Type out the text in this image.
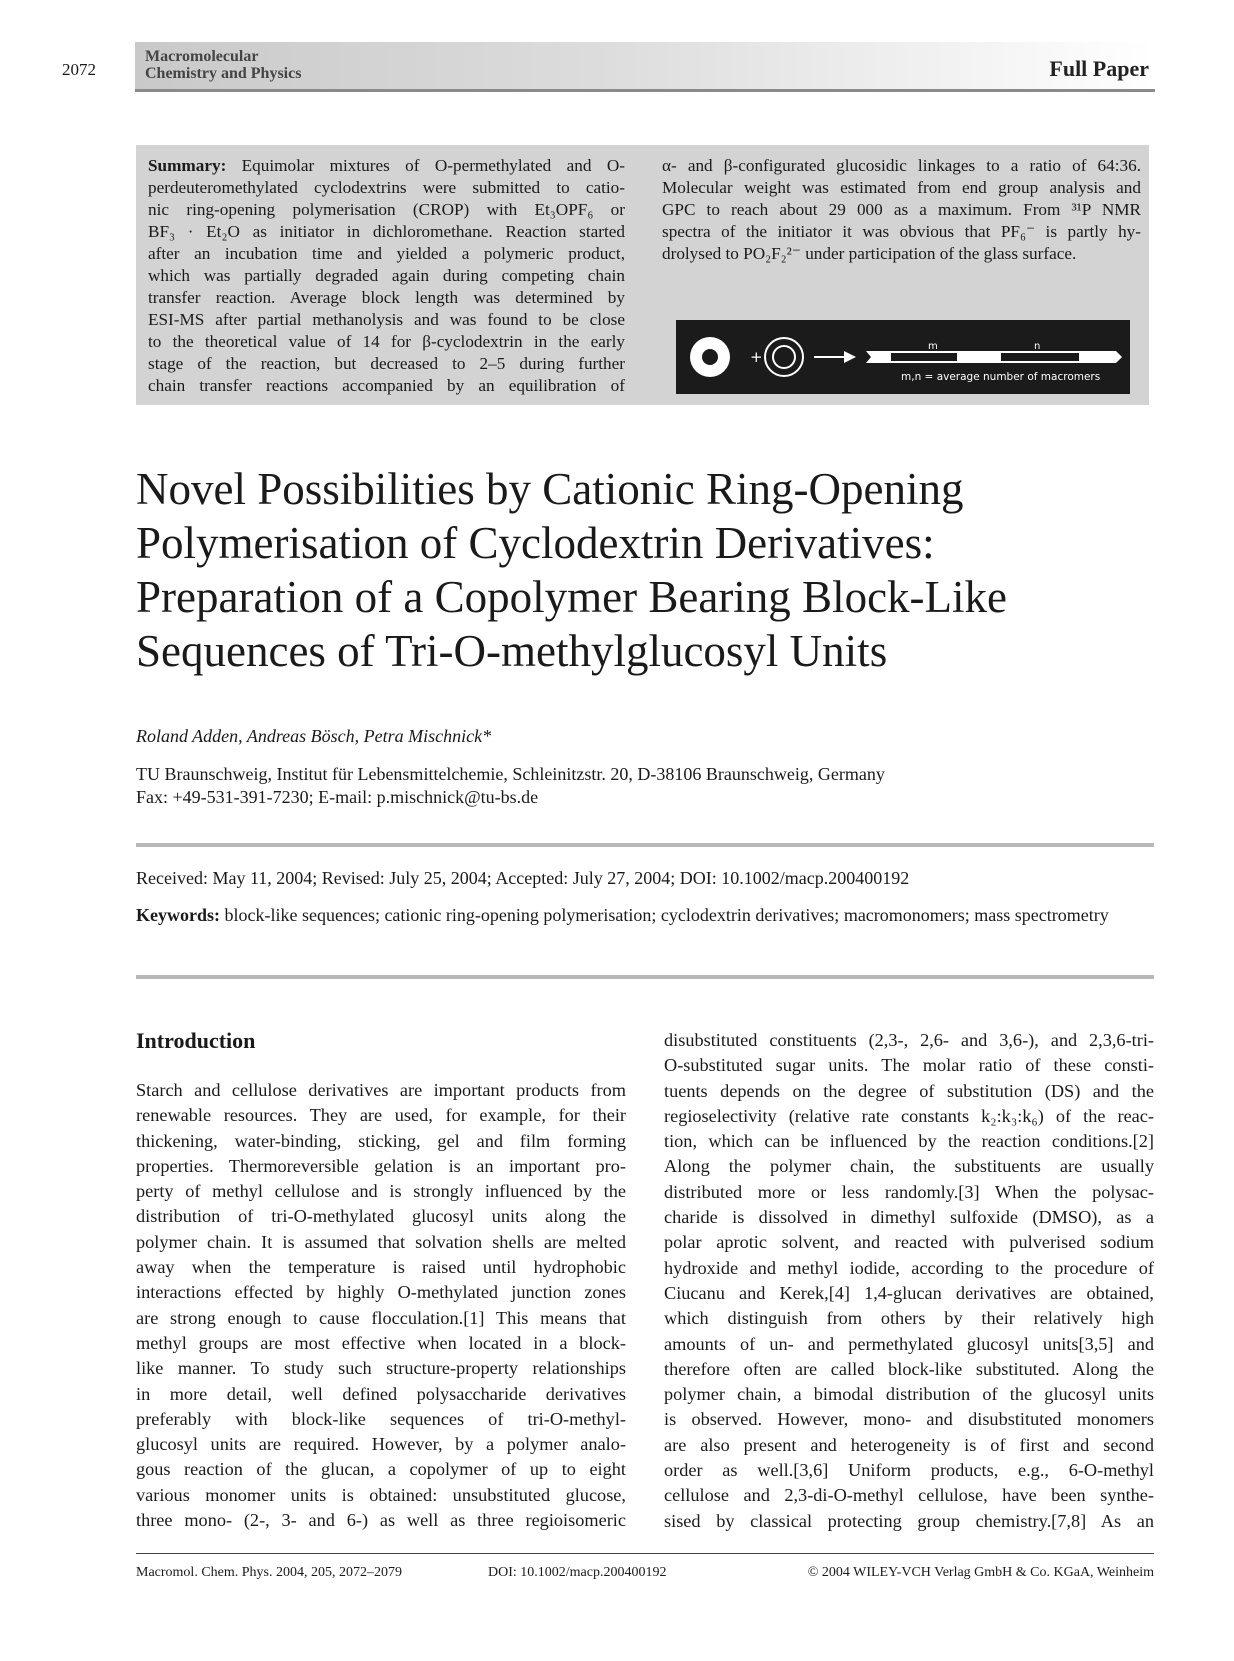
2072
Macromolecular
Chemistry and Physics	Full Paper
Summary: Equimolar mixtures of O-permethylated and O-
perdeuteromethylated cyclodextrins were submitted to catio-
nic ring-opening polymerisation (CROP) with Et₃OPF₆ or
BF₃ · Et₂O as initiator in dichloromethane. Reaction started
after an incubation time and yielded a polymeric product,
which was partially degraded again during competing chain
transfer reaction. Average block length was determined by
ESI-MS after partial methanolysis and was found to be close
to the theoretical value of 14 for β-cyclodextrin in the early
stage of the reaction, but decreased to 2–5 during further
chain transfer reactions accompanied by an equilibration of
α- and β-configurated glucosidic linkages to a ratio of 64:36.
Molecular weight was estimated from end group analysis and
GPC to reach about 29 000 as a maximum. From ³¹P NMR
spectra of the initiator it was obvious that PF₆⁻ is partly hy-
drolysed to PO₂F₂²⁻ under participation of the glass surface.
+
m	n
m,n = average number of macromers
Novel Possibilities by Cationic Ring-Opening
Polymerisation of Cyclodextrin Derivatives:
Preparation of a Copolymer Bearing Block-Like
Sequences of Tri-O-methylglucosyl Units
Roland Adden, Andreas Bösch, Petra Mischnick*
TU Braunschweig, Institut für Lebensmittelchemie, Schleinitzstr. 20, D-38106 Braunschweig, Germany
Fax: +49-531-391-7230; E-mail: p.mischnick@tu-bs.de
Received: May 11, 2004; Revised: July 25, 2004; Accepted: July 27, 2004; DOI: 10.1002/macp.200400192
Keywords: block-like sequences; cationic ring-opening polymerisation; cyclodextrin derivatives; macromonomers; mass spectrometry
Introduction
Starch and cellulose derivatives are important products from
renewable resources. They are used, for example, for their
thickening, water-binding, sticking, gel and film forming
properties. Thermoreversible gelation is an important pro-
perty of methyl cellulose and is strongly influenced by the
distribution of tri-O-methylated glucosyl units along the
polymer chain. It is assumed that solvation shells are melted
away when the temperature is raised until hydrophobic
interactions effected by highly O-methylated junction zones
are strong enough to cause flocculation.[1] This means that
methyl groups are most effective when located in a block-
like manner. To study such structure-property relationships
in more detail, well defined polysaccharide derivatives
preferably with block-like sequences of tri-O-methyl-
glucosyl units are required. However, by a polymer analo-
gous reaction of the glucan, a copolymer of up to eight
various monomer units is obtained: unsubstituted glucose,
three mono- (2-, 3- and 6-) as well as three regioisomeric
disubstituted constituents (2,3-, 2,6- and 3,6-), and 2,3,6-tri-
O-substituted sugar units. The molar ratio of these consti-
tuents depends on the degree of substitution (DS) and the
regioselectivity (relative rate constants k₂:k₃:k₆) of the reac-
tion, which can be influenced by the reaction conditions.[2]
Along the polymer chain, the substituents are usually
distributed more or less randomly.[3] When the polysac-
charide is dissolved in dimethyl sulfoxide (DMSO), as a
polar aprotic solvent, and reacted with pulverised sodium
hydroxide and methyl iodide, according to the procedure of
Ciucanu and Kerek,[4] 1,4-glucan derivatives are obtained,
which distinguish from others by their relatively high
amounts of un- and permethylated glucosyl units[3,5] and
therefore often are called block-like substituted. Along the
polymer chain, a bimodal distribution of the glucosyl units
is observed. However, mono- and disubstituted monomers
are also present and heterogeneity is of first and second
order as well.[3,6] Uniform products, e.g., 6-O-methyl
cellulose and 2,3-di-O-methyl cellulose, have been synthe-
sised by classical protecting group chemistry.[7,8] As an
Macromol. Chem. Phys. 2004, 205, 2072–2079	DOI: 10.1002/macp.200400192	© 2004 WILEY-VCH Verlag GmbH & Co. KGaA, Weinheim
